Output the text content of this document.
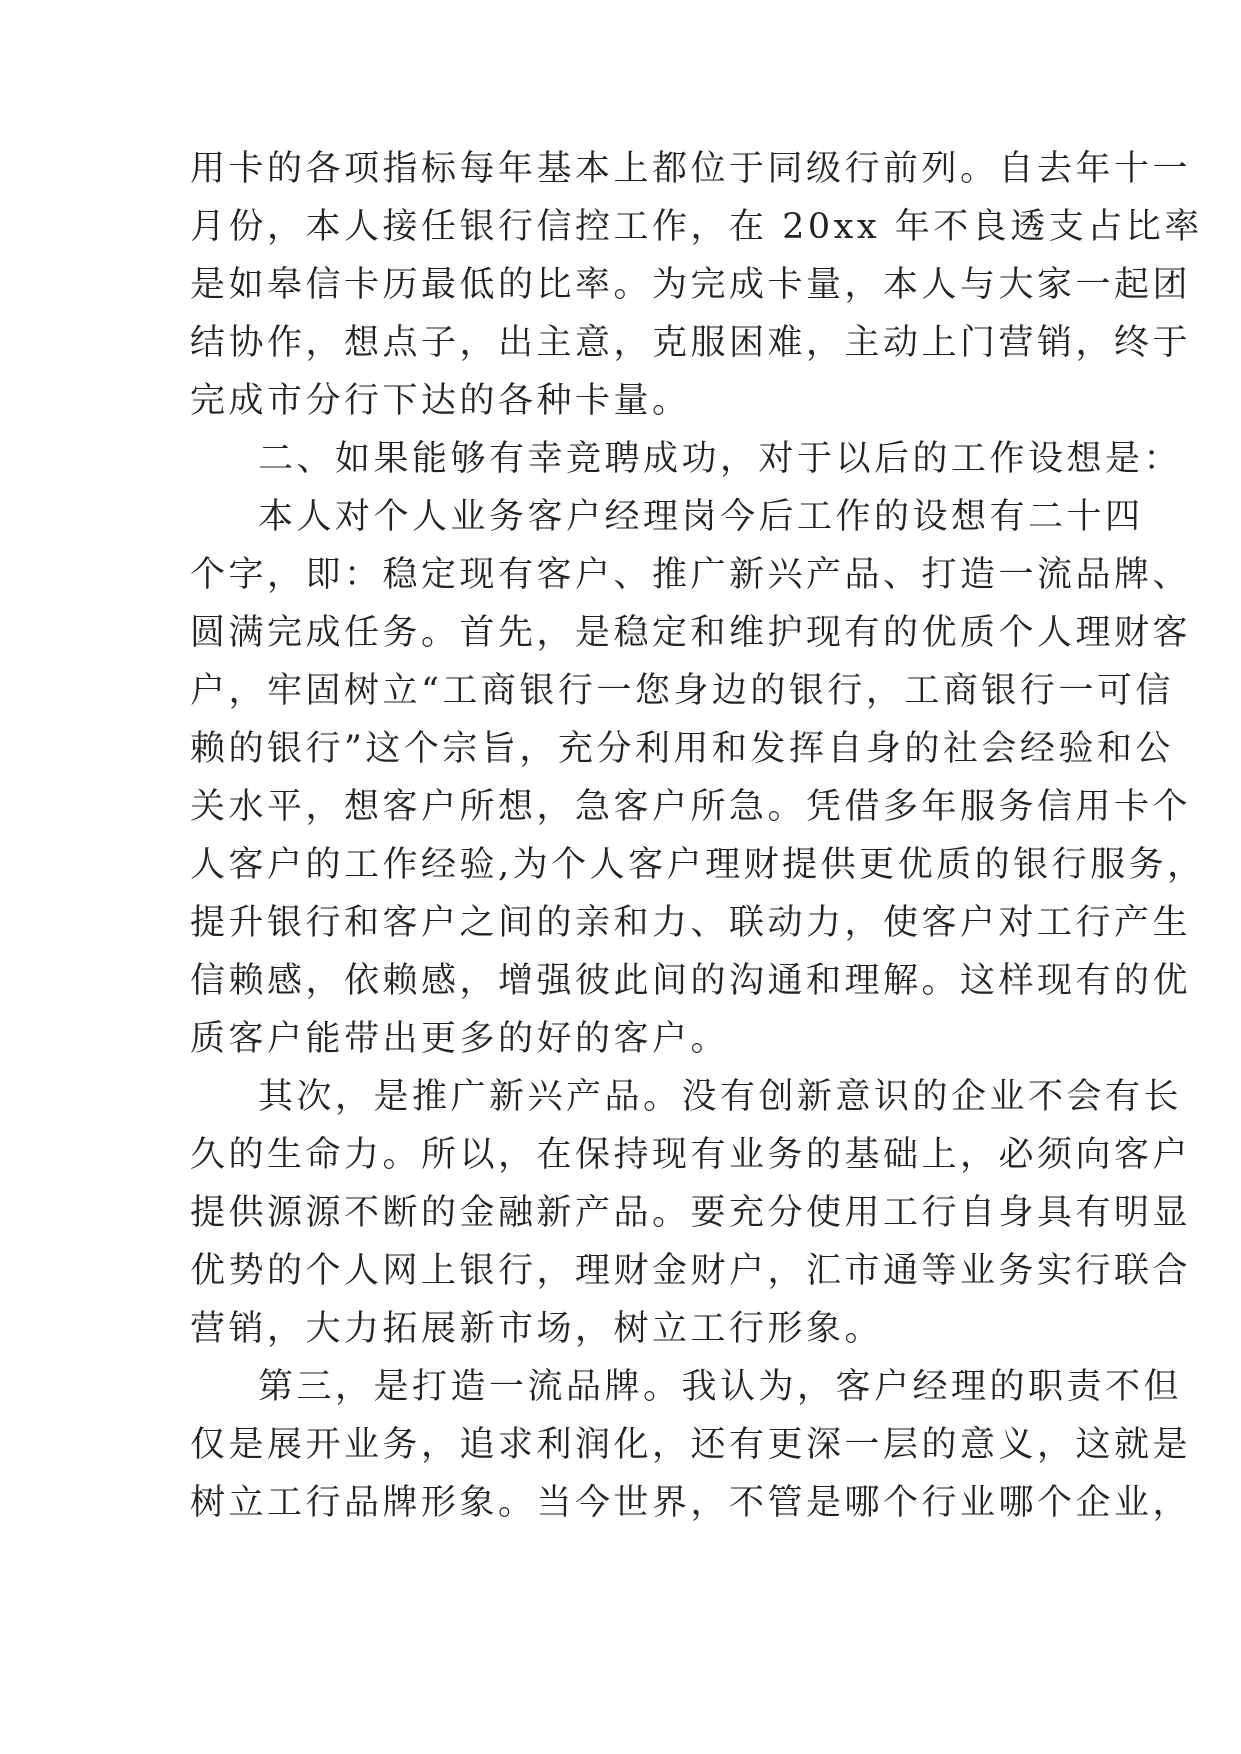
用卡的各项指标每年基本上都位于同级行前列。自去年十一

月份，本人接任银行信控工作，在 20xx 年不良透支占比率

是如皋信卡历最低的比率。为完成卡量，本人与大家一起团

结协作，想点子，出主意，克服困难，主动上门营销，终于

完成市分行下达的各种卡量。

二、如果能够有幸竞聘成功，对于以后的工作设想是：

本人对个人业务客户经理岗今后工作的设想有二十四

个字，即：稳定现有客户、推广新兴产品、打造一流品牌、

圆满完成任务。首先，是稳定和维护现有的优质个人理财客

户，牢固树立“工商银行一您身边的银行，工商银行一可信

赖的银行”这个宗旨，充分利用和发挥自身的社会经验和公

关水平，想客户所想，急客户所急。凭借多年服务信用卡个

人客户的工作经验,为个人客户理财提供更优质的银行服务，

提升银行和客户之间的亲和力、联动力，使客户对工行产生

信赖感，依赖感，增强彼此间的沟通和理解。这样现有的优

质客户能带出更多的好的客户。

其次，是推广新兴产品。没有创新意识的企业不会有长

久的生命力。所以，在保持现有业务的基础上，必须向客户

提供源源不断的金融新产品。要充分使用工行自身具有明显

优势的个人网上银行，理财金财户，汇市通等业务实行联合

营销，大力拓展新市场，树立工行形象。

第三，是打造一流品牌。我认为，客户经理的职责不但

仅是展开业务，追求利润化，还有更深一层的意义，这就是

树立工行品牌形象。当今世界，不管是哪个行业哪个企业，
